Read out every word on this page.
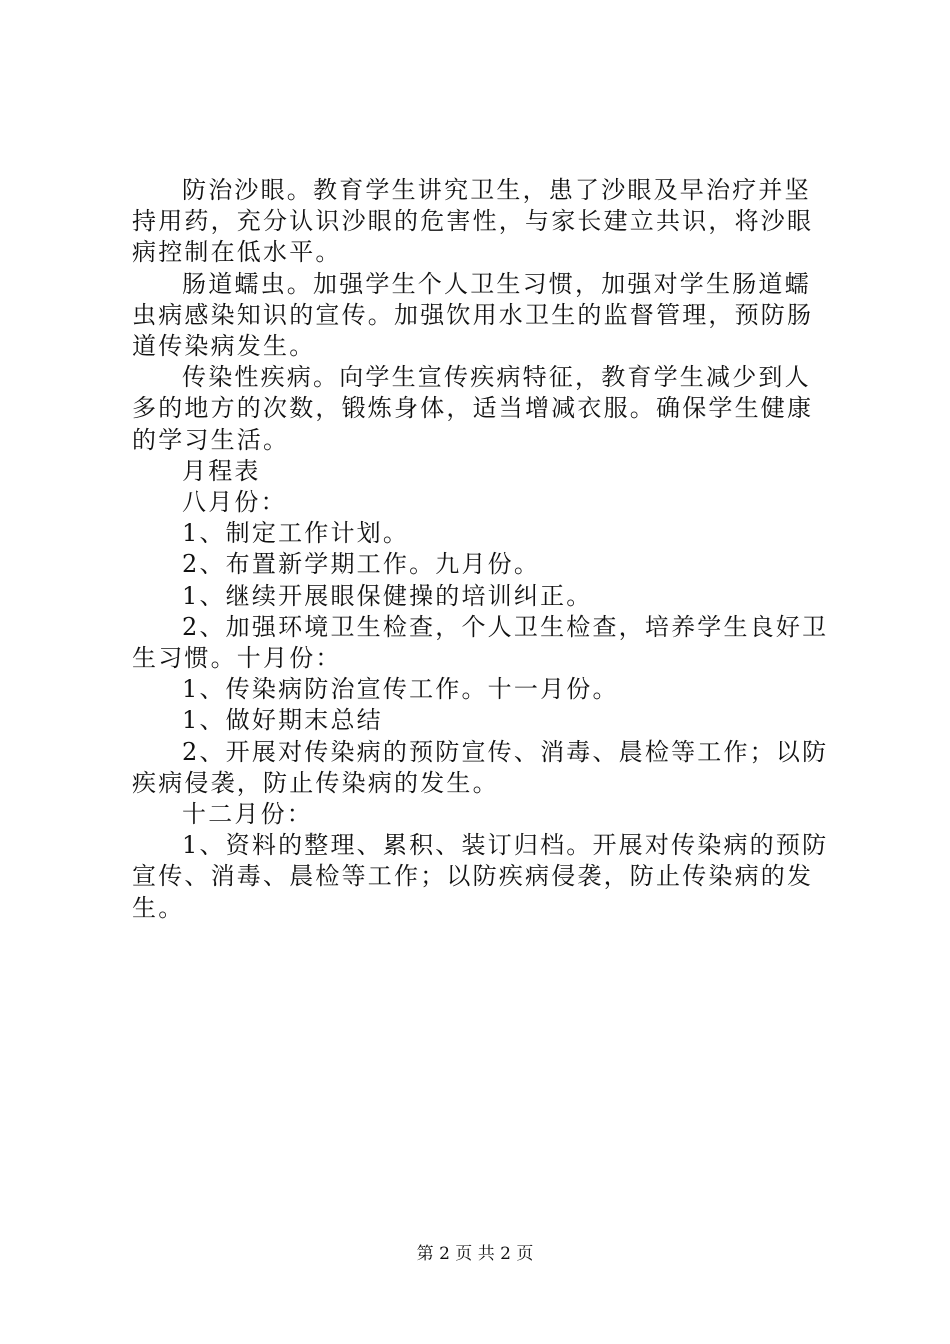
防治沙眼。教育学生讲究卫生，患了沙眼及早治疗并坚持用药，充分认识沙眼的危害性，与家长建立共识，将沙眼病控制在低水平。

肠道蠕虫。加强学生个人卫生习惯，加强对学生肠道蠕虫病感染知识的宣传。加强饮用水卫生的监督管理，预防肠道传染病发生。

传染性疾病。向学生宣传疾病特征，教育学生减少到人多的地方的次数，锻炼身体，适当增减衣服。确保学生健康的学习生活。

月程表

八月份：

1、制定工作计划。

2、布置新学期工作。九月份。

1、继续开展眼保健操的培训纠正。

2、加强环境卫生检查，个人卫生检查，培养学生良好卫生习惯。十月份：

1、传染病防治宣传工作。十一月份。

1、做好期末总结

2、开展对传染病的预防宣传、消毒、晨检等工作；以防疾病侵袭，防止传染病的发生。

十二月份：

1、资料的整理、累积、装订归档。开展对传染病的预防宣传、消毒、晨检等工作；以防疾病侵袭，防止传染病的发生。

第 2 页 共 2 页
